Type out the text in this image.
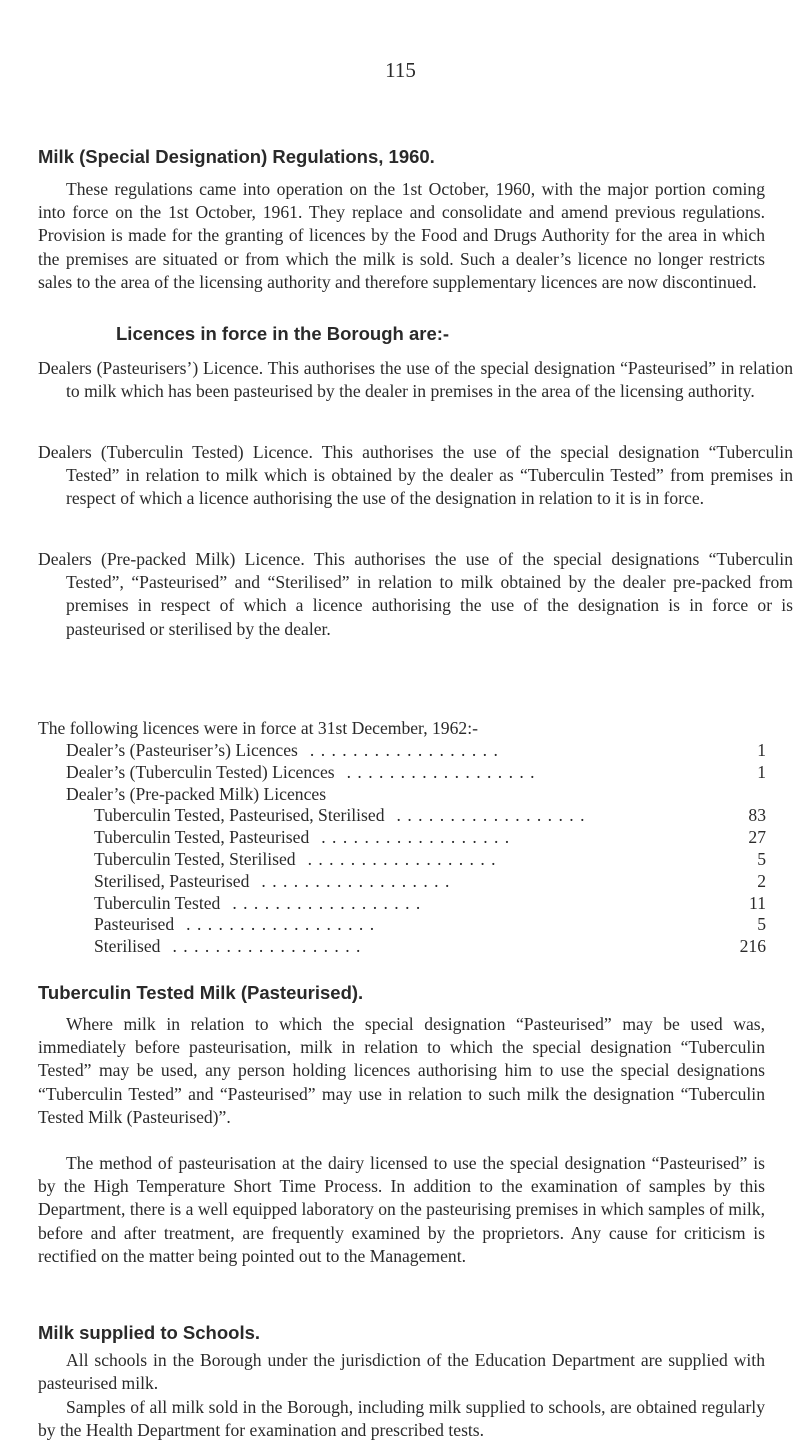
115
Milk (Special Designation) Regulations, 1960.

These regulations came into operation on the 1st October, 1960, with the major portion coming into force on the 1st October, 1961. They replace and consolidate and amend previous regulations. Provision is made for the granting of licences by the Food and Drugs Authority for the area in which the premises are situated or from which the milk is sold. Such a dealer’s licence no longer restricts sales to the area of the licensing authority and therefore supplementary licences are now discontinued.

Licences in force in the Borough are:-

Dealers (Pasteurisers’) Licence. This authorises the use of the special designation “Pasteurised” in relation to milk which has been pasteurised by the dealer in premises in the area of the licensing authority.

Dealers (Tuberculin Tested) Licence. This authorises the use of the special designation “Tuberculin Tested” in relation to milk which is obtained by the dealer as “Tuberculin Tested” from premises in respect of which a licence authorising the use of the designation in relation to it is in force.

Dealers (Pre-packed Milk) Licence. This authorises the use of the special designations “Tuberculin Tested”, “Pasteurised” and “Sterilised” in relation to milk obtained by the dealer pre-packed from premises in respect of which a licence authorising the use of the designation is in force or is pasteurised or sterilised by the dealer.

The following licences were in force at 31st December, 1962:-

Dealer’s (Pasteuriser’s) Licences . . . . . . . . . . . . . . . . . .	1
Dealer’s (Tuberculin Tested) Licences . . . . . . . . . . . . . . . . . .	1
Dealer’s (Pre-packed Milk) Licences
Tuberculin Tested, Pasteurised, Sterilised . . . . . . . . . . . . . . . . . .	83
Tuberculin Tested, Pasteurised . . . . . . . . . . . . . . . . . .	27
Tuberculin Tested, Sterilised . . . . . . . . . . . . . . . . . .	5
Sterilised, Pasteurised . . . . . . . . . . . . . . . . . .	2
Tuberculin Tested . . . . . . . . . . . . . . . . . .	11
Pasteurised . . . . . . . . . . . . . . . . . .	5
Sterilised . . . . . . . . . . . . . . . . . .	216
Tuberculin Tested Milk (Pasteurised).

Where milk in relation to which the special designation “Pasteurised” may be used was, immediately before pasteurisation, milk in relation to which the special designation “Tuberculin Tested” may be used, any person holding licences authorising him to use the special designations “Tuberculin Tested” and “Pasteurised” may use in relation to such milk the designation “Tuberculin Tested Milk (Pasteurised)”.

The method of pasteurisation at the dairy licensed to use the special designation “Pasteurised” is by the High Temperature Short Time Process. In addition to the examination of samples by this Department, there is a well equipped laboratory on the pasteurising premises in which samples of milk, before and after treatment, are frequently examined by the proprietors. Any cause for criticism is rectified on the matter being pointed out to the Management.

Milk supplied to Schools.

All schools in the Borough under the jurisdiction of the Education Department are supplied with pasteurised milk.

Samples of all milk sold in the Borough, including milk supplied to schools, are obtained regularly by the Health Department for examination and prescribed tests.
